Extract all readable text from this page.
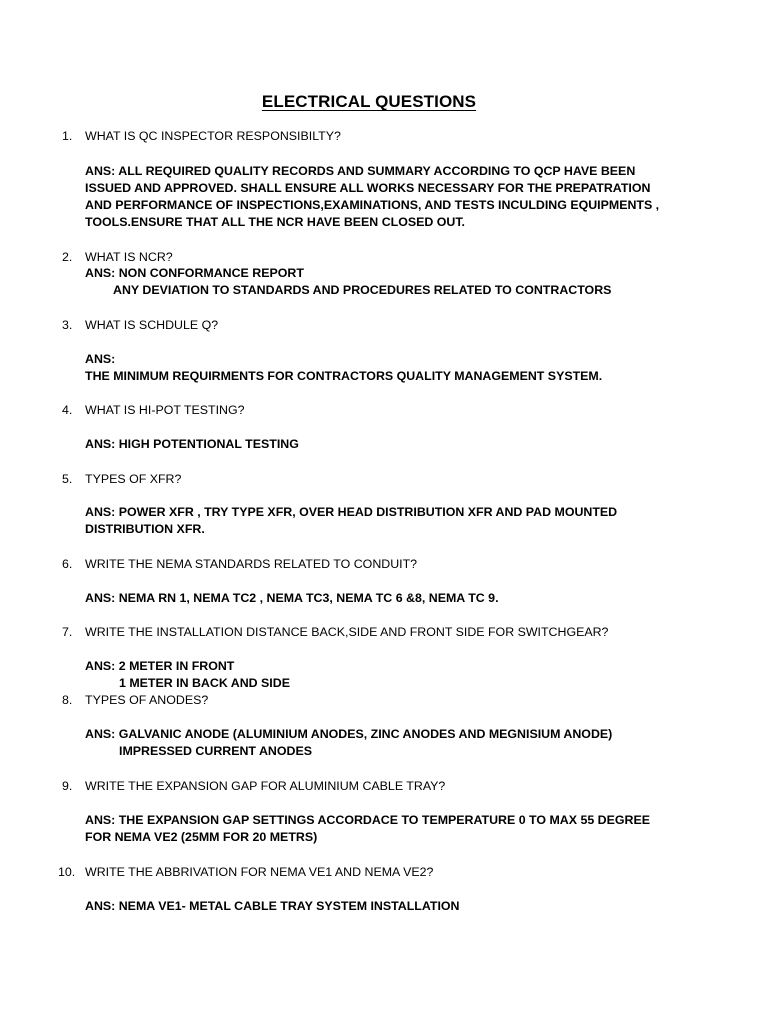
ELECTRICAL QUESTIONS
1. WHAT IS QC INSPECTOR RESPONSIBILTY?
ANS: ALL REQUIRED QUALITY RECORDS AND SUMMARY ACCORDING TO QCP HAVE BEEN
ISSUED AND APPROVED. SHALL ENSURE ALL WORKS NECESSARY FOR THE PREPATRATION
AND PERFORMANCE OF INSPECTIONS,EXAMINATIONS, AND TESTS INCULDING EQUIPMENTS ,
TOOLS.ENSURE THAT ALL THE NCR HAVE BEEN CLOSED OUT.
2. WHAT IS NCR?
ANS: NON CONFORMANCE REPORT
ANY DEVIATION TO STANDARDS AND PROCEDURES RELATED TO CONTRACTORS
3. WHAT IS SCHDULE Q?
ANS:
THE MINIMUM REQUIRMENTS FOR CONTRACTORS QUALITY MANAGEMENT SYSTEM.
4. WHAT IS HI-POT TESTING?
ANS: HIGH POTENTIONAL TESTING
5. TYPES OF XFR?
ANS: POWER XFR , TRY TYPE XFR, OVER HEAD DISTRIBUTION XFR AND PAD MOUNTED
DISTRIBUTION XFR.
6. WRITE THE NEMA STANDARDS RELATED TO CONDUIT?
ANS: NEMA RN 1, NEMA TC2 , NEMA TC3, NEMA TC 6 &8, NEMA TC 9.
7. WRITE THE INSTALLATION DISTANCE BACK,SIDE AND FRONT SIDE FOR SWITCHGEAR?
ANS: 2 METER IN FRONT
1 METER IN BACK AND SIDE
8. TYPES OF ANODES?
ANS: GALVANIC ANODE (ALUMINIUM ANODES, ZINC ANODES AND MEGNISIUM ANODE)
IMPRESSED CURRENT ANODES
9. WRITE THE EXPANSION GAP FOR ALUMINIUM CABLE TRAY?
ANS: THE EXPANSION GAP SETTINGS ACCORDACE TO TEMPERATURE 0 TO MAX 55 DEGREE
FOR NEMA VE2 (25MM FOR 20 METRS)
10. WRITE THE ABBRIVATION FOR NEMA VE1 AND NEMA VE2?
ANS: NEMA VE1- METAL CABLE TRAY SYSTEM INSTALLATION
